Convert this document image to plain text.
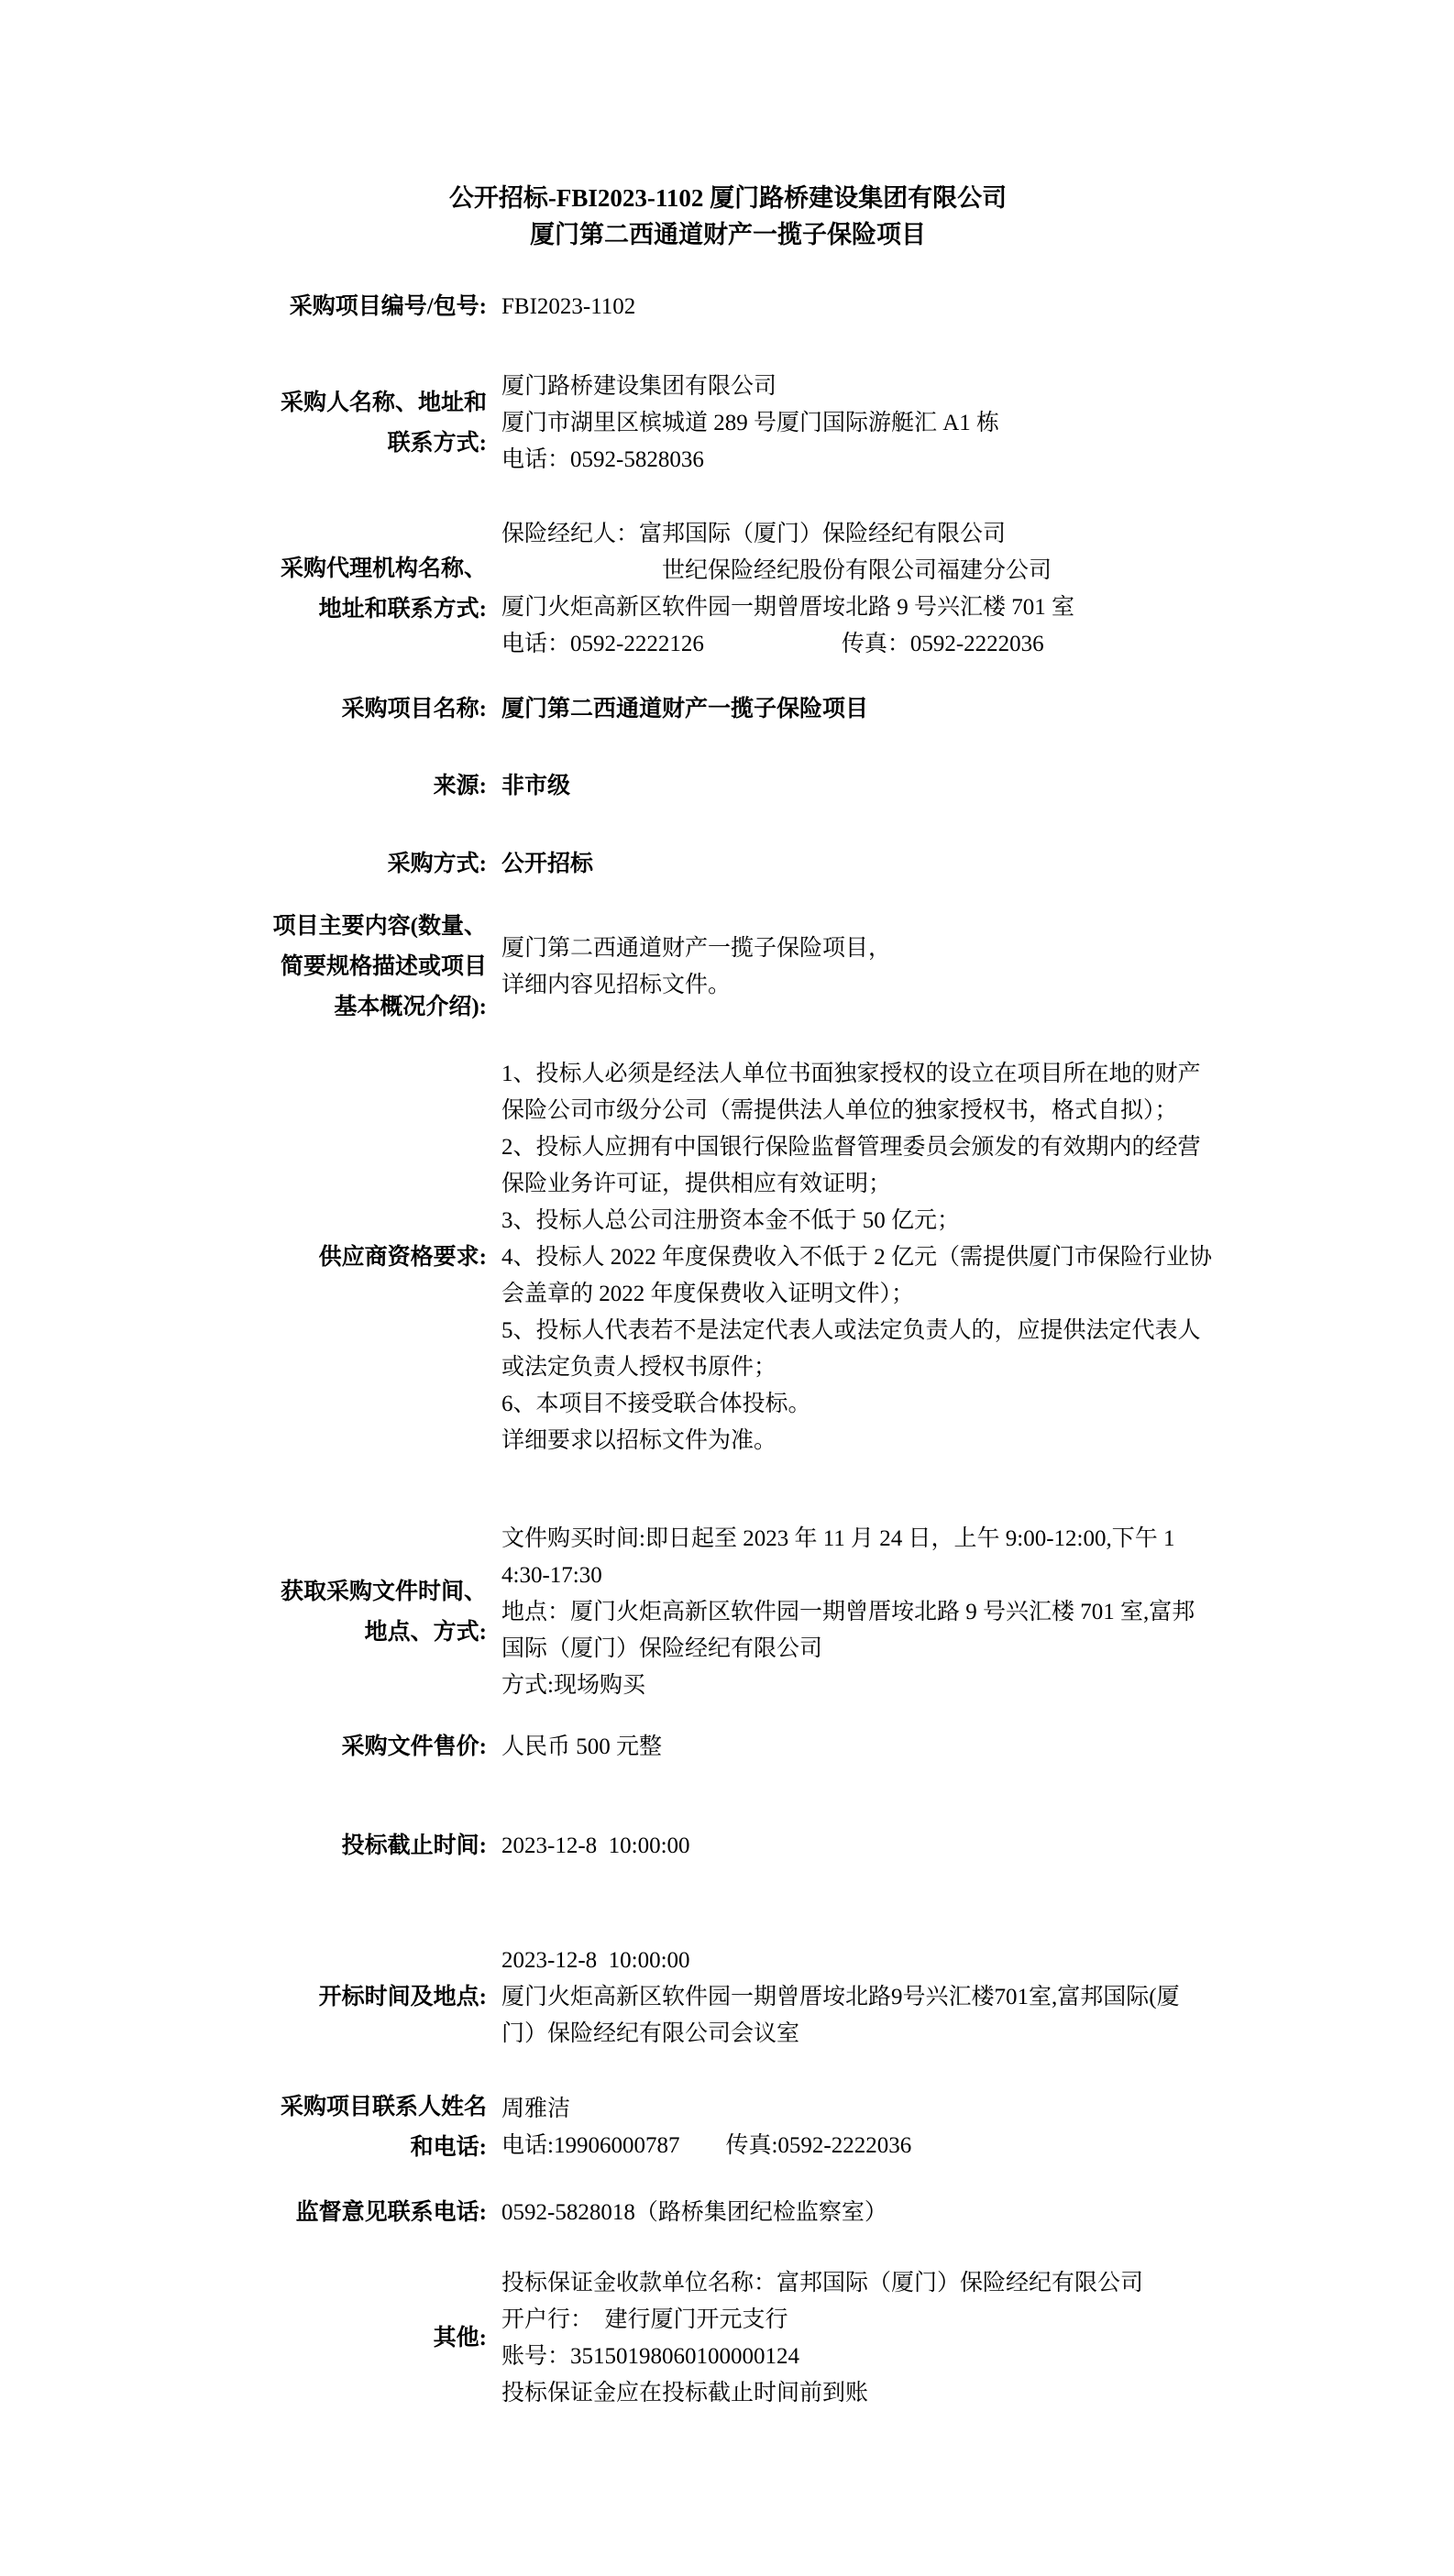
公开招标-FBI2023-1102 厦门路桥建设集团有限公司
厦门第二西通道财产一揽子保险项目
采购项目编号/包号: FBI2023-1102
采购人名称、地址和
联系方式:
厦门路桥建设集团有限公司
厦门市湖里区槟城道 289 号厦门国际游艇汇 A1 栋
电话：0592-5828036
采购代理机构名称、
地址和联系方式:
保险经纪人：富邦国际（厦门）保险经纪有限公司
　　　　　　　世纪保险经纪股份有限公司福建分公司
厦门火炬高新区软件园一期曾厝垵北路 9 号兴汇楼 701 室
电话：0592-2222126　　　　　　传真：0592-2222036
采购项目名称: 厦门第二西通道财产一揽子保险项目
来源: 非市级
采购方式: 公开招标
项目主要内容(数量、
简要规格描述或项目
基本概况介绍):
厦门第二西通道财产一揽子保险项目，
详细内容见招标文件。
供应商资格要求:
1、投标人必须是经法人单位书面独家授权的设立在项目所在地的财产
保险公司市级分公司（需提供法人单位的独家授权书，格式自拟）；
2、投标人应拥有中国银行保险监督管理委员会颁发的有效期内的经营
保险业务许可证，提供相应有效证明；
3、投标人总公司注册资本金不低于 50 亿元；
4、投标人 2022 年度保费收入不低于 2 亿元（需提供厦门市保险行业协
会盖章的 2022 年度保费收入证明文件）；
5、投标人代表若不是法定代表人或法定负责人的，应提供法定代表人
或法定负责人授权书原件；
6、本项目不接受联合体投标。
详细要求以招标文件为准。
获取采购文件时间、
地点、方式:
文件购买时间:即日起至 2023 年 11 月 24 日，上午 9:00-12:00,下午 1
4:30-17:30
地点：厦门火炬高新区软件园一期曾厝垵北路 9 号兴汇楼 701 室,富邦
国际（厦门）保险经纪有限公司
方式:现场购买
采购文件售价: 人民币 500 元整
投标截止时间: 2023-12-8  10:00:00
开标时间及地点:
2023-12-8  10:00:00
厦门火炬高新区软件园一期曾厝垵北路9号兴汇楼701室,富邦国际(厦
门）保险经纪有限公司会议室
采购项目联系人姓名
和电话:
周雅洁
电话:19906000787　　传真:0592-2222036
监督意见联系电话: 0592-5828018（路桥集团纪检监察室）
其他:
投标保证金收款单位名称：富邦国际（厦门）保险经纪有限公司
开户行：　建行厦门开元支行
账号：35150198060100000124
投标保证金应在投标截止时间前到账
